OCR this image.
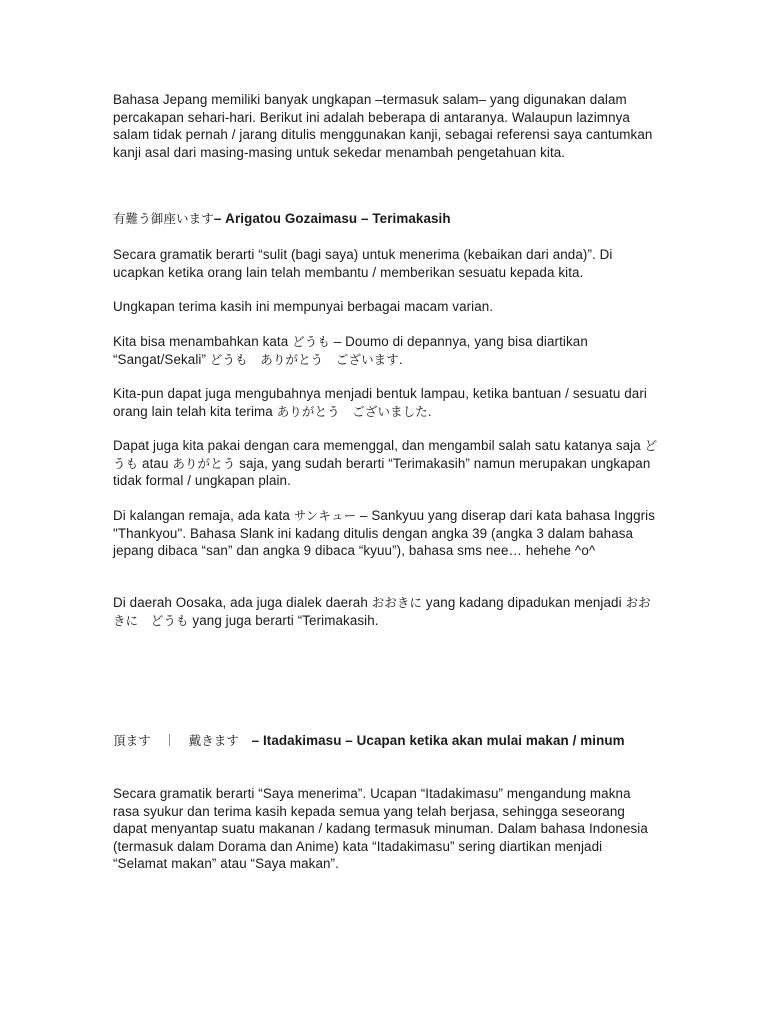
Bahasa Jepang memiliki banyak ungkapan –termasuk salam– yang digunakan dalam percakapan sehari-hari. Berikut ini adalah beberapa di antaranya. Walaupun lazimnya salam tidak pernah / jarang ditulis menggunakan kanji, sebagai referensi saya cantumkan kanji asal dari masing-masing untuk sekedar menambah pengetahuan kita.

有難う御座います– Arigatou Gozaimasu – Terimakasih

Secara gramatik berarti “sulit (bagi saya) untuk menerima (kebaikan dari anda)”. Di ucapkan ketika orang lain telah membantu / memberikan sesuatu kepada kita.

Ungkapan terima kasih ini mempunyai berbagai macam varian.

Kita bisa menambahkan kata どうも – Doumo di depannya, yang bisa diartikan “Sangat/Sekali” どうも　ありがとう　ございます.

Kita-pun dapat juga mengubahnya menjadi bentuk lampau, ketika bantuan / sesuatu dari orang lain telah kita terima ありがとう　ございました.

Dapat juga kita pakai dengan cara memenggal, dan mengambil salah satu katanya saja どうも atau ありがとう saja, yang sudah berarti “Terimakasih” namun merupakan ungkapan tidak formal / ungkapan plain.

Di kalangan remaja, ada kata サンキュー – Sankyuu yang diserap dari kata bahasa Inggris "Thankyou". Bahasa Slank ini kadang ditulis dengan angka 39 (angka 3 dalam bahasa jepang dibaca “san” dan angka 9 dibaca “kyuu”), bahasa sms nee… hehehe ^o^

Di daerah Oosaka, ada juga dialek daerah おおきに yang kadang dipadukan menjadi おおきに　どうも yang juga berarti “Terimakasih.

頂ます　｜　戴きます　– Itadakimasu – Ucapan ketika akan mulai makan / minum

Secara gramatik berarti “Saya menerima”. Ucapan “Itadakimasu” mengandung makna rasa syukur dan terima kasih kepada semua yang telah berjasa, sehingga seseorang dapat menyantap suatu makanan / kadang termasuk minuman. Dalam bahasa Indonesia (termasuk dalam Dorama dan Anime) kata “Itadakimasu” sering diartikan menjadi “Selamat makan” atau “Saya makan”.
